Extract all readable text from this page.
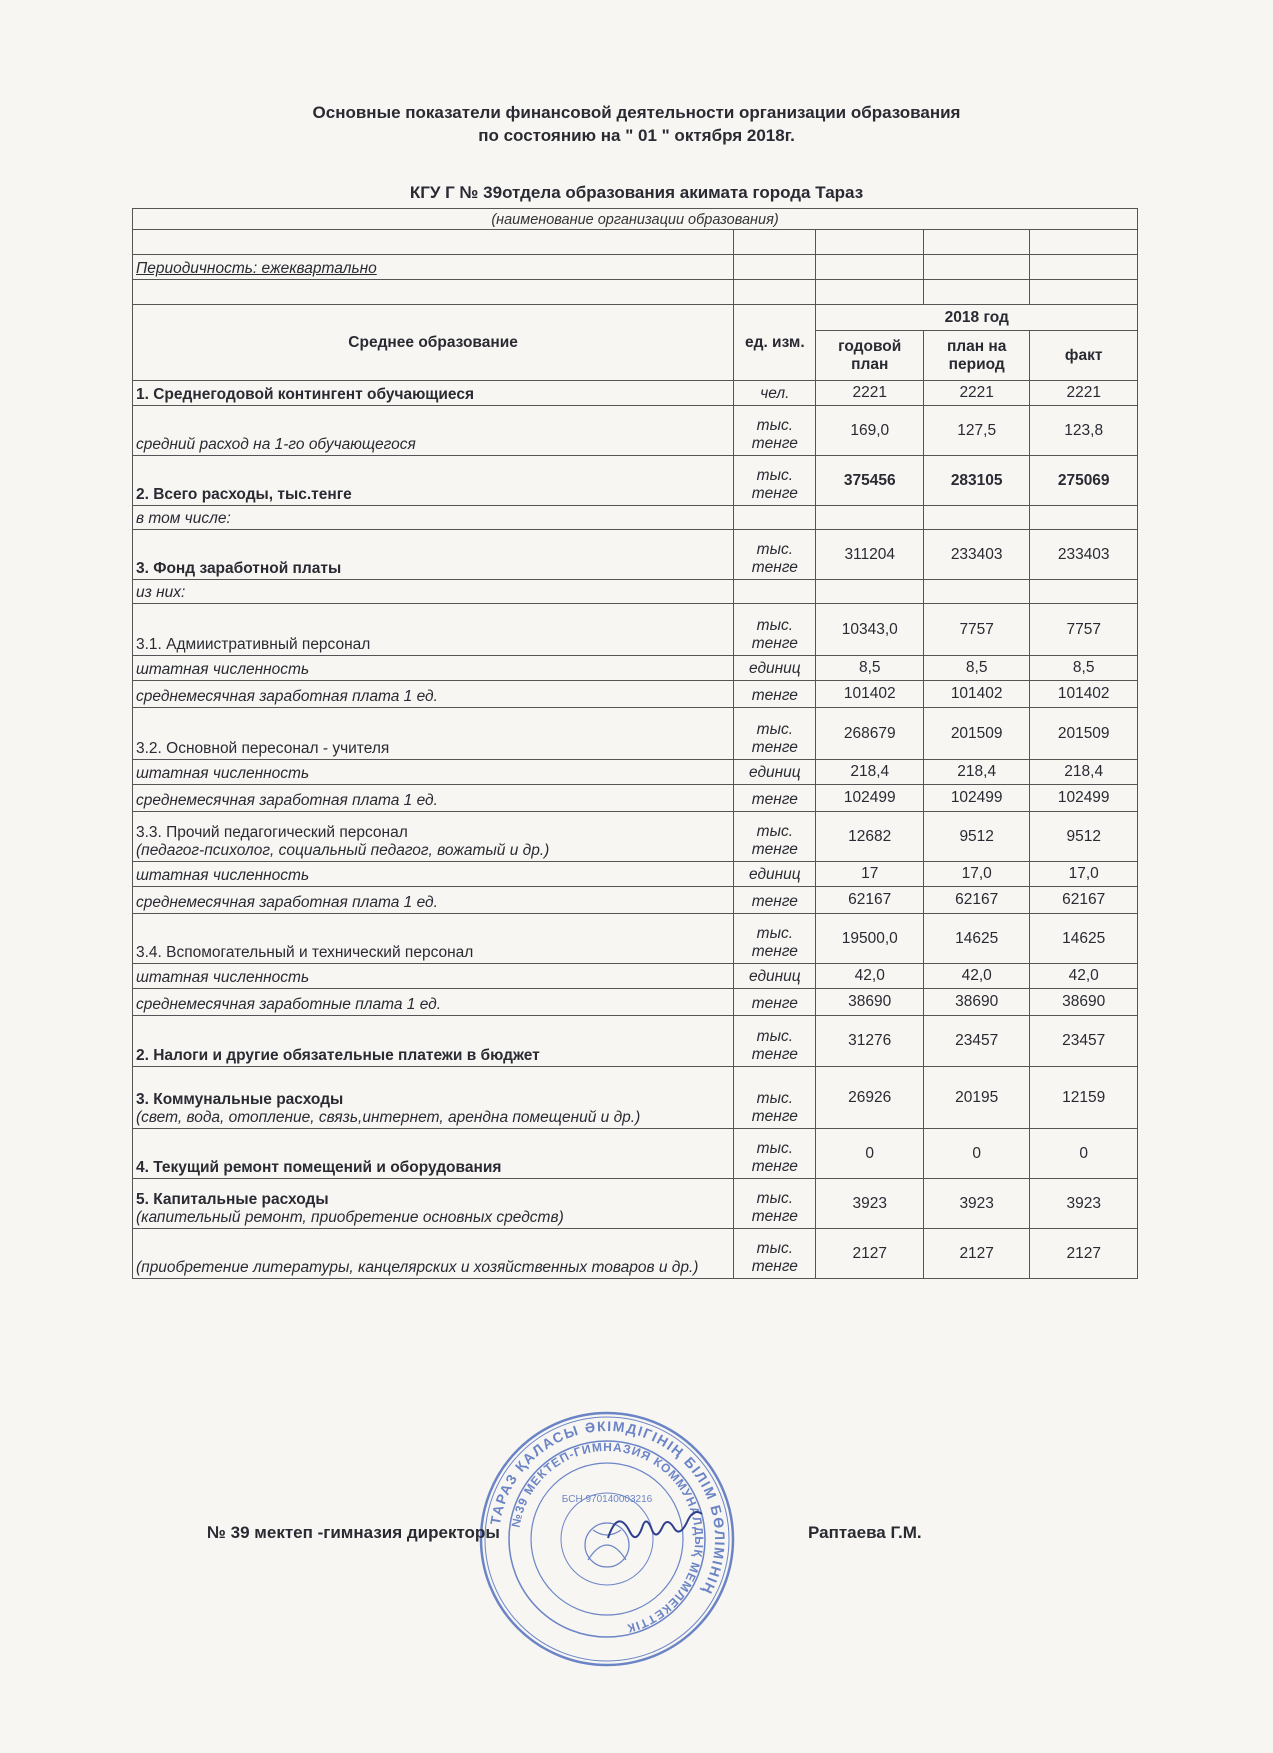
Основные показатели финансовой деятельности организации образования
по состоянию на " 01 " октября 2018г.
КГУ Г № 39отдела образования акимата города Тараз
(наименование организации образования)				

Периодичность: ежеквартально				

Среднее образование	ед. изм.	2018 год		
		годовой план	план на период	факт

1. Среднегодовой контингент обучающиеся	чел.	2221	2221	2221

средний расход на 1-го обучающегося	тыс. тенге	169,0	127,5	123,8

2. Всего расходы, тыс.тенге	тыс. тенге	375456	283105	275069

в том числе:				

3. Фонд заработной платы	тыс. тенге	311204	233403	233403

из них:				

3.1. Адмиистративный персонал	тыс. тенге	10343,0	7757	7757

штатная численность	единиц	8,5	8,5	8,5

среднемесячная заработная плата 1 ед.	тенге	101402	101402	101402

3.2. Основной пересонал - учителя	тыс. тенге	268679	201509	201509

штатная численность	единиц	218,4	218,4	218,4

среднемесячная заработная плата 1 ед.	тенге	102499	102499	102499

3.3. Прочий педагогический персонал
(педагог-психолог, социальный педагог, вожатый и др.)	тыс. тенге	12682	9512	9512

штатная численность	единиц	17	17,0	17,0

среднемесячная заработная плата 1 ед.	тенге	62167	62167	62167

3.4. Вспомогательный и технический персонал	тыс. тенге	19500,0	14625	14625

штатная численность	единиц	42,0	42,0	42,0

среднемесячная заработные плата 1 ед.	тенге	38690	38690	38690

2. Налоги и другие обязательные платежи в бюджет	тыс. тенге	31276	23457	23457

3. Коммунальные расходы
(свет, вода, отопление, связь,интернет, арендна помещений и др.)	тыс. тенге	26926	20195	12159

4. Текущий ремонт помещений и оборудования	тыс. тенге	0	0	0

5. Капитальные расходы
(капительный ремонт, приобретение основных средств)	тыс. тенге	3923	3923	3923

(приобретение литературы, канцелярских и хозяйственных товаров и др.)	тыс. тенге	2127	2127	2127
ТАРАЗ ҚАЛАСЫ ӘКІМДІГІНІҢ БІЛІМ БӨЛІМІНІҢ
№39 МЕКТЕП-ГИМНАЗИЯ КОММУНАЛДЫҚ МЕМЛЕКЕТТІК
БСН 970140003216
№ 39 мектеп -гимназия директоры	Раптаева Г.М.
